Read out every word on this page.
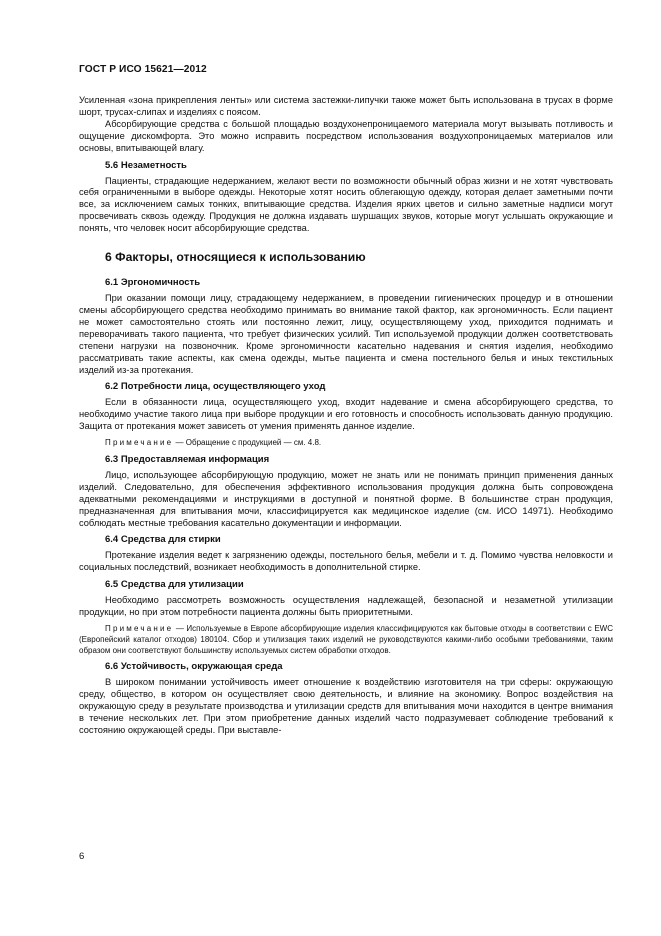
ГОСТ Р ИСО 15621—2012

Усиленная «зона прикрепления ленты» или система застежки-липучки также может быть использована в трусах в форме шорт, трусах-слипах и изделиях с поясом.

Абсорбирующие средства с большой площадью воздухонепроницаемого материала могут вызывать потливость и ощущение дискомфорта. Это можно исправить посредством использования воздухопроницаемых материалов или основы, впитывающей влагу.

5.6 Незаметность

Пациенты, страдающие недержанием, желают вести по возможности обычный образ жизни и не хотят чувствовать себя ограниченными в выборе одежды. Некоторые хотят носить облегающую одежду, которая делает заметными почти все, за исключением самых тонких, впитывающие средства. Изделия ярких цветов и сильно заметные надписи могут просвечивать сквозь одежду. Продукция не должна издавать шуршащих звуков, которые могут услышать окружающие и понять, что человек носит абсорбирующие средства.

6 Факторы, относящиеся к использованию
6.1 Эргономичность

При оказании помощи лицу, страдающему недержанием, в проведении гигиенических процедур и в отношении смены абсорбирующего средства необходимо принимать во внимание такой фактор, как эргономичность. Если пациент не может самостоятельно стоять или постоянно лежит, лицу, осуществляющему уход, приходится поднимать и переворачивать такого пациента, что требует физических усилий. Тип используемой продукции должен соответствовать степени нагрузки на позвоночник. Кроме эргономичности касательно надевания и снятия изделия, необходимо рассматривать такие аспекты, как смена одежды, мытье пациента и смена постельного белья и иных текстильных изделий из-за протекания.

6.2 Потребности лица, осуществляющего уход

Если в обязанности лица, осуществляющего уход, входит надевание и смена абсорбирующего средства, то необходимо участие такого лица при выборе продукции и его готовность и способность использовать данную продукцию. Защита от протекания может зависеть от умения применять данное изделие.

Примечание — Обращение с продукцией — см. 4.8.

6.3 Предоставляемая информация

Лицо, использующее абсорбирующую продукцию, может не знать или не понимать принцип применения данных изделий. Следовательно, для обеспечения эффективного использования продукция должна быть сопровождена адекватными рекомендациями и инструкциями в доступной и понятной форме. В большинстве стран продукция, предназначенная для впитывания мочи, классифицируется как медицинское изделие (см. ИСО 14971). Необходимо соблюдать местные требования касательно документации и информации.

6.4 Средства для стирки

Протекание изделия ведет к загрязнению одежды, постельного белья, мебели и т. д. Помимо чувства неловкости и социальных последствий, возникает необходимость в дополнительной стирке.

6.5 Средства для утилизации

Необходимо рассмотреть возможность осуществления надлежащей, безопасной и незаметной утилизации продукции, но при этом потребности пациента должны быть приоритетными.

Примечание — Используемые в Европе абсорбирующие изделия классифицируются как бытовые отходы в соответствии с EWC (Европейский каталог отходов) 180104. Сбор и утилизация таких изделий не руководствуются какими-либо особыми требованиями, таким образом они соответствуют большинству используемых систем обработки отходов.

6.6 Устойчивость, окружающая среда

В широком понимании устойчивость имеет отношение к воздействию изготовителя на три сферы: окружающую среду, общество, в котором он осуществляет свою деятельность, и влияние на экономику. Вопрос воздействия на окружающую среду в результате производства и утилизации средств для впитывания мочи находится в центре внимания в течение нескольких лет. При этом приобретение данных изделий часто подразумевает соблюдение требований к состоянию окружающей среды. При выставле-

6
